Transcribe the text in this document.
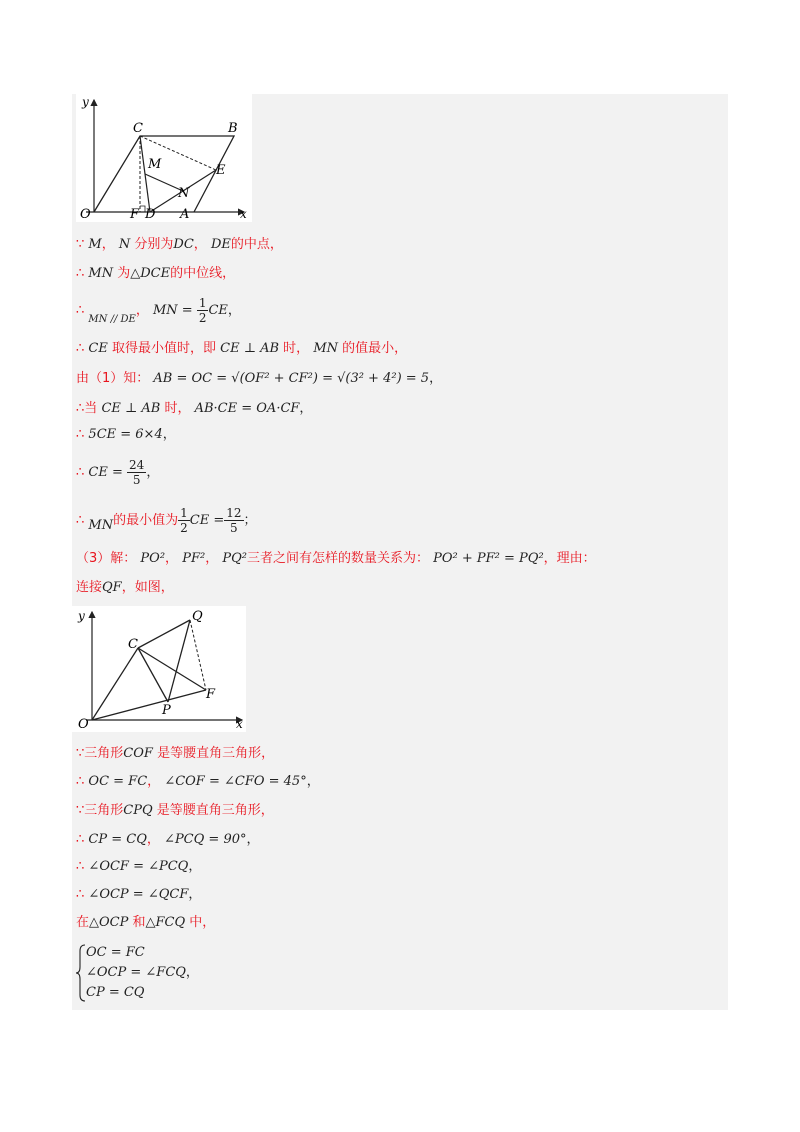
y
C	B
M	E
N
O	F D A	x
∵ M， N 分别为DC， DE的中点，
∴ MN 为△DCE的中位线，
∴ $_{MN // DE}$， MN = $\frac{1}{2}$ CE，
∴ CE 取得最小值时，即 CE ⊥ AB 时， MN 的值最小，
由（1）知： AB = OC = √(OF² + CF²) = √(3² + 4²) = 5，
∴当 CE ⊥ AB 时， AB·CE = OA·CF，
∴ 5CE = 6×4，
∴ CE = $\frac{24}{5}$ ，
∴ MN的最小值为 $\frac{1}{2}$ CE = $\frac{12}{5}$ ；
（3）解： PO²， PF²， PQ²三者之间有怎样的数量关系为： PO² + PF² = PQ²，理由：
连接QF，如图，
y	Q
C
F
P
O	x
∵三角形COF 是等腰直角三角形，
∴ OC = FC， ∠COF = ∠CFO = 45°，
∵三角形CPQ 是等腰直角三角形，
∴ CP = CQ， ∠PCQ = 90°，
∴ ∠OCF = ∠PCQ，
∴ ∠OCP = ∠QCF，
在△OCP 和△FCQ 中，
OC = FC
∠OCP = ∠FCQ，
CP = CQ
